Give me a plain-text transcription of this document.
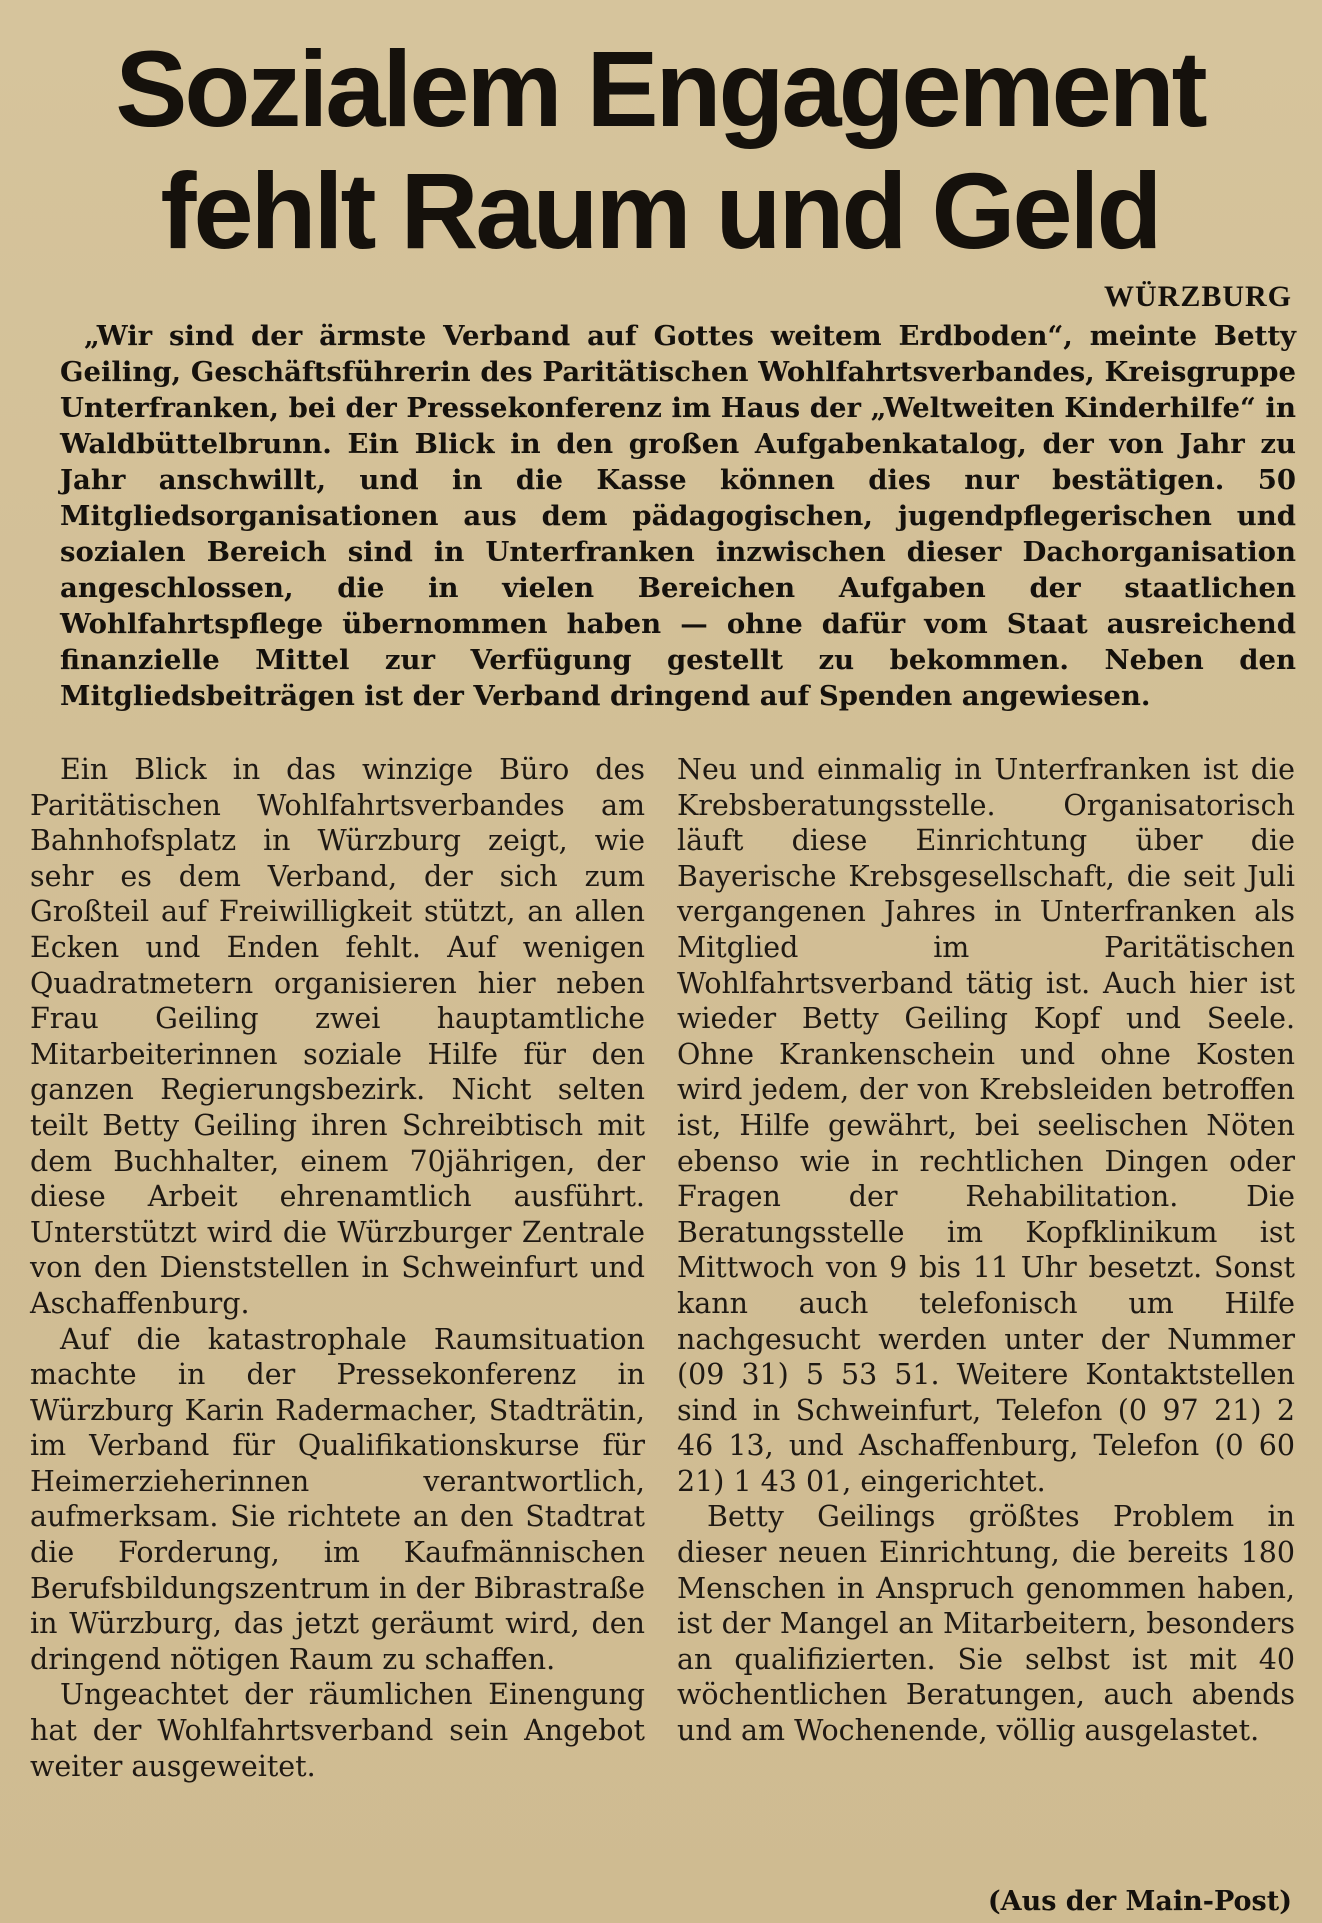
Sozialem Engagement
fehlt Raum und Geld
WÜRZBURG

„Wir sind der ärmste Verband auf Gottes weitem Erdboden“, meinte Betty Geiling, Geschäftsführerin des Paritätischen Wohlfahrtsverbandes, Kreisgruppe Unterfranken, bei der Pressekonferenz im Haus der „Weltweiten Kinderhilfe“ in Waldbüttelbrunn. Ein Blick in den großen Aufgabenkatalog, der von Jahr zu Jahr anschwillt, und in die Kasse können dies nur bestätigen. 50 Mitgliedsorganisationen aus dem pädagogischen, jugendpflegerischen und sozialen Bereich sind in Unterfranken inzwischen dieser Dachorganisation angeschlossen, die in vielen Bereichen Aufgaben der staatlichen Wohlfahrtspflege übernommen haben — ohne dafür vom Staat ausreichend finanzielle Mittel zur Verfügung gestellt zu bekommen. Neben den Mitgliedsbeiträgen ist der Verband dringend auf Spenden angewiesen.

Ein Blick in das winzige Büro des Paritätischen Wohlfahrtsverbandes am Bahnhofsplatz in Würzburg zeigt, wie sehr es dem Verband, der sich zum Großteil auf Freiwilligkeit stützt, an allen Ecken und Enden fehlt. Auf wenigen Quadratmetern organisieren hier neben Frau Geiling zwei hauptamtliche Mitarbeiterinnen soziale Hilfe für den ganzen Regierungsbezirk. Nicht selten teilt Betty Geiling ihren Schreibtisch mit dem Buchhalter, einem 70jährigen, der diese Arbeit ehrenamtlich ausführt. Unterstützt wird die Würzburger Zentrale von den Dienststellen in Schweinfurt und Aschaffenburg.

Auf die katastrophale Raumsituation machte in der Pressekonferenz in Würzburg Karin Radermacher, Stadträtin, im Verband für Qualifikationskurse für Heimerzieherinnen verantwortlich, aufmerksam. Sie richtete an den Stadtrat die Forderung, im Kaufmännischen Berufsbildungszentrum in der Bibrastraße in Würzburg, das jetzt geräumt wird, den dringend nötigen Raum zu schaffen.

Ungeachtet der räumlichen Einengung hat der Wohlfahrtsverband sein Angebot weiter ausgeweitet.

Neu und einmalig in Unterfranken ist die Krebsberatungsstelle. Organisatorisch läuft diese Einrichtung über die Bayerische Krebsgesellschaft, die seit Juli vergangenen Jahres in Unterfranken als Mitglied im Paritätischen Wohlfahrtsverband tätig ist. Auch hier ist wieder Betty Geiling Kopf und Seele. Ohne Krankenschein und ohne Kosten wird jedem, der von Krebsleiden betroffen ist, Hilfe gewährt, bei seelischen Nöten ebenso wie in rechtlichen Dingen oder Fragen der Rehabilitation. Die Beratungsstelle im Kopfklinikum ist Mittwoch von 9 bis 11 Uhr besetzt. Sonst kann auch telefonisch um Hilfe nachgesucht werden unter der Nummer (09 31) 5 53 51. Weitere Kontaktstellen sind in Schweinfurt, Telefon (0 97 21) 2 46 13, und Aschaffenburg, Telefon (0 60 21) 1 43 01, eingerichtet.

Betty Geilings größtes Problem in dieser neuen Einrichtung, die bereits 180 Menschen in Anspruch genommen haben, ist der Mangel an Mitarbeitern, besonders an qualifizierten. Sie selbst ist mit 40 wöchentlichen Beratungen, auch abends und am Wochenende, völlig ausgelastet.

(Aus der Main-Post)
